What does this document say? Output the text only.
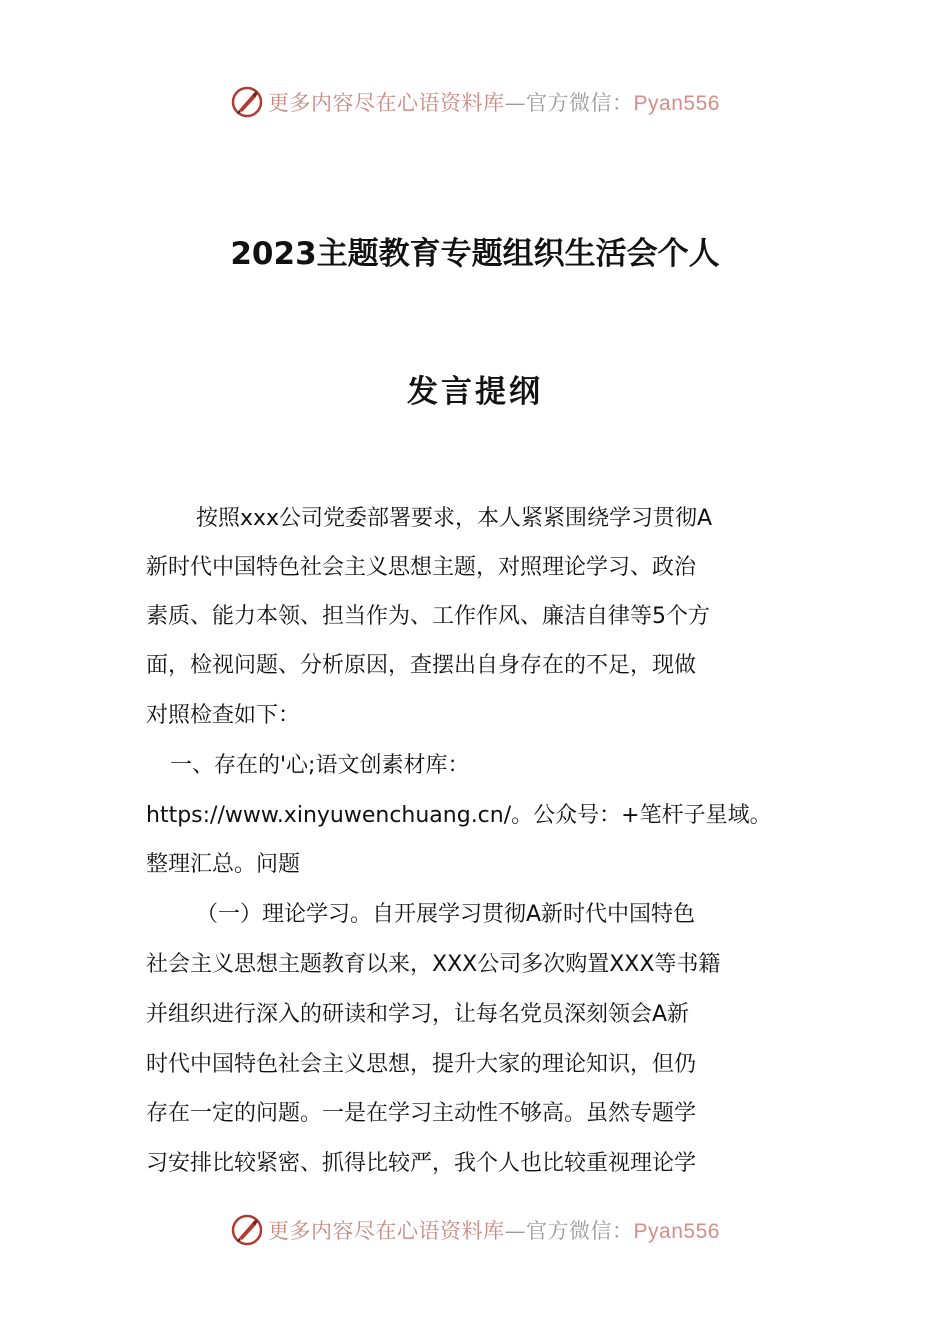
更多内容尽在心语资料库—官方微信：Pyan556
2023主题教育专题组织生活会个人
发言提纲
按照xxx公司党委部署要求，本人紧紧围绕学习贯彻A
新时代中国特色社会主义思想主题，对照理论学习、政治
素质、能力本领、担当作为、工作作风、廉洁自律等5个方
面，检视问题、分析原因，查摆出自身存在的不足，现做
对照检查如下：
一、存在的'心;语文创素材库：
https://www.xinyuwenchuang.cn/。公众号：+笔杆子星域。
整理汇总。问题
（一）理论学习。自开展学习贯彻A新时代中国特色
社会主义思想主题教育以来，XXX公司多次购置XXX等书籍
并组织进行深入的研读和学习，让每名党员深刻领会A新
时代中国特色社会主义思想，提升大家的理论知识，但仍
存在一定的问题。一是在学习主动性不够高。虽然专题学
习安排比较紧密、抓得比较严，我个人也比较重视理论学
更多内容尽在心语资料库—官方微信：Pyan556
